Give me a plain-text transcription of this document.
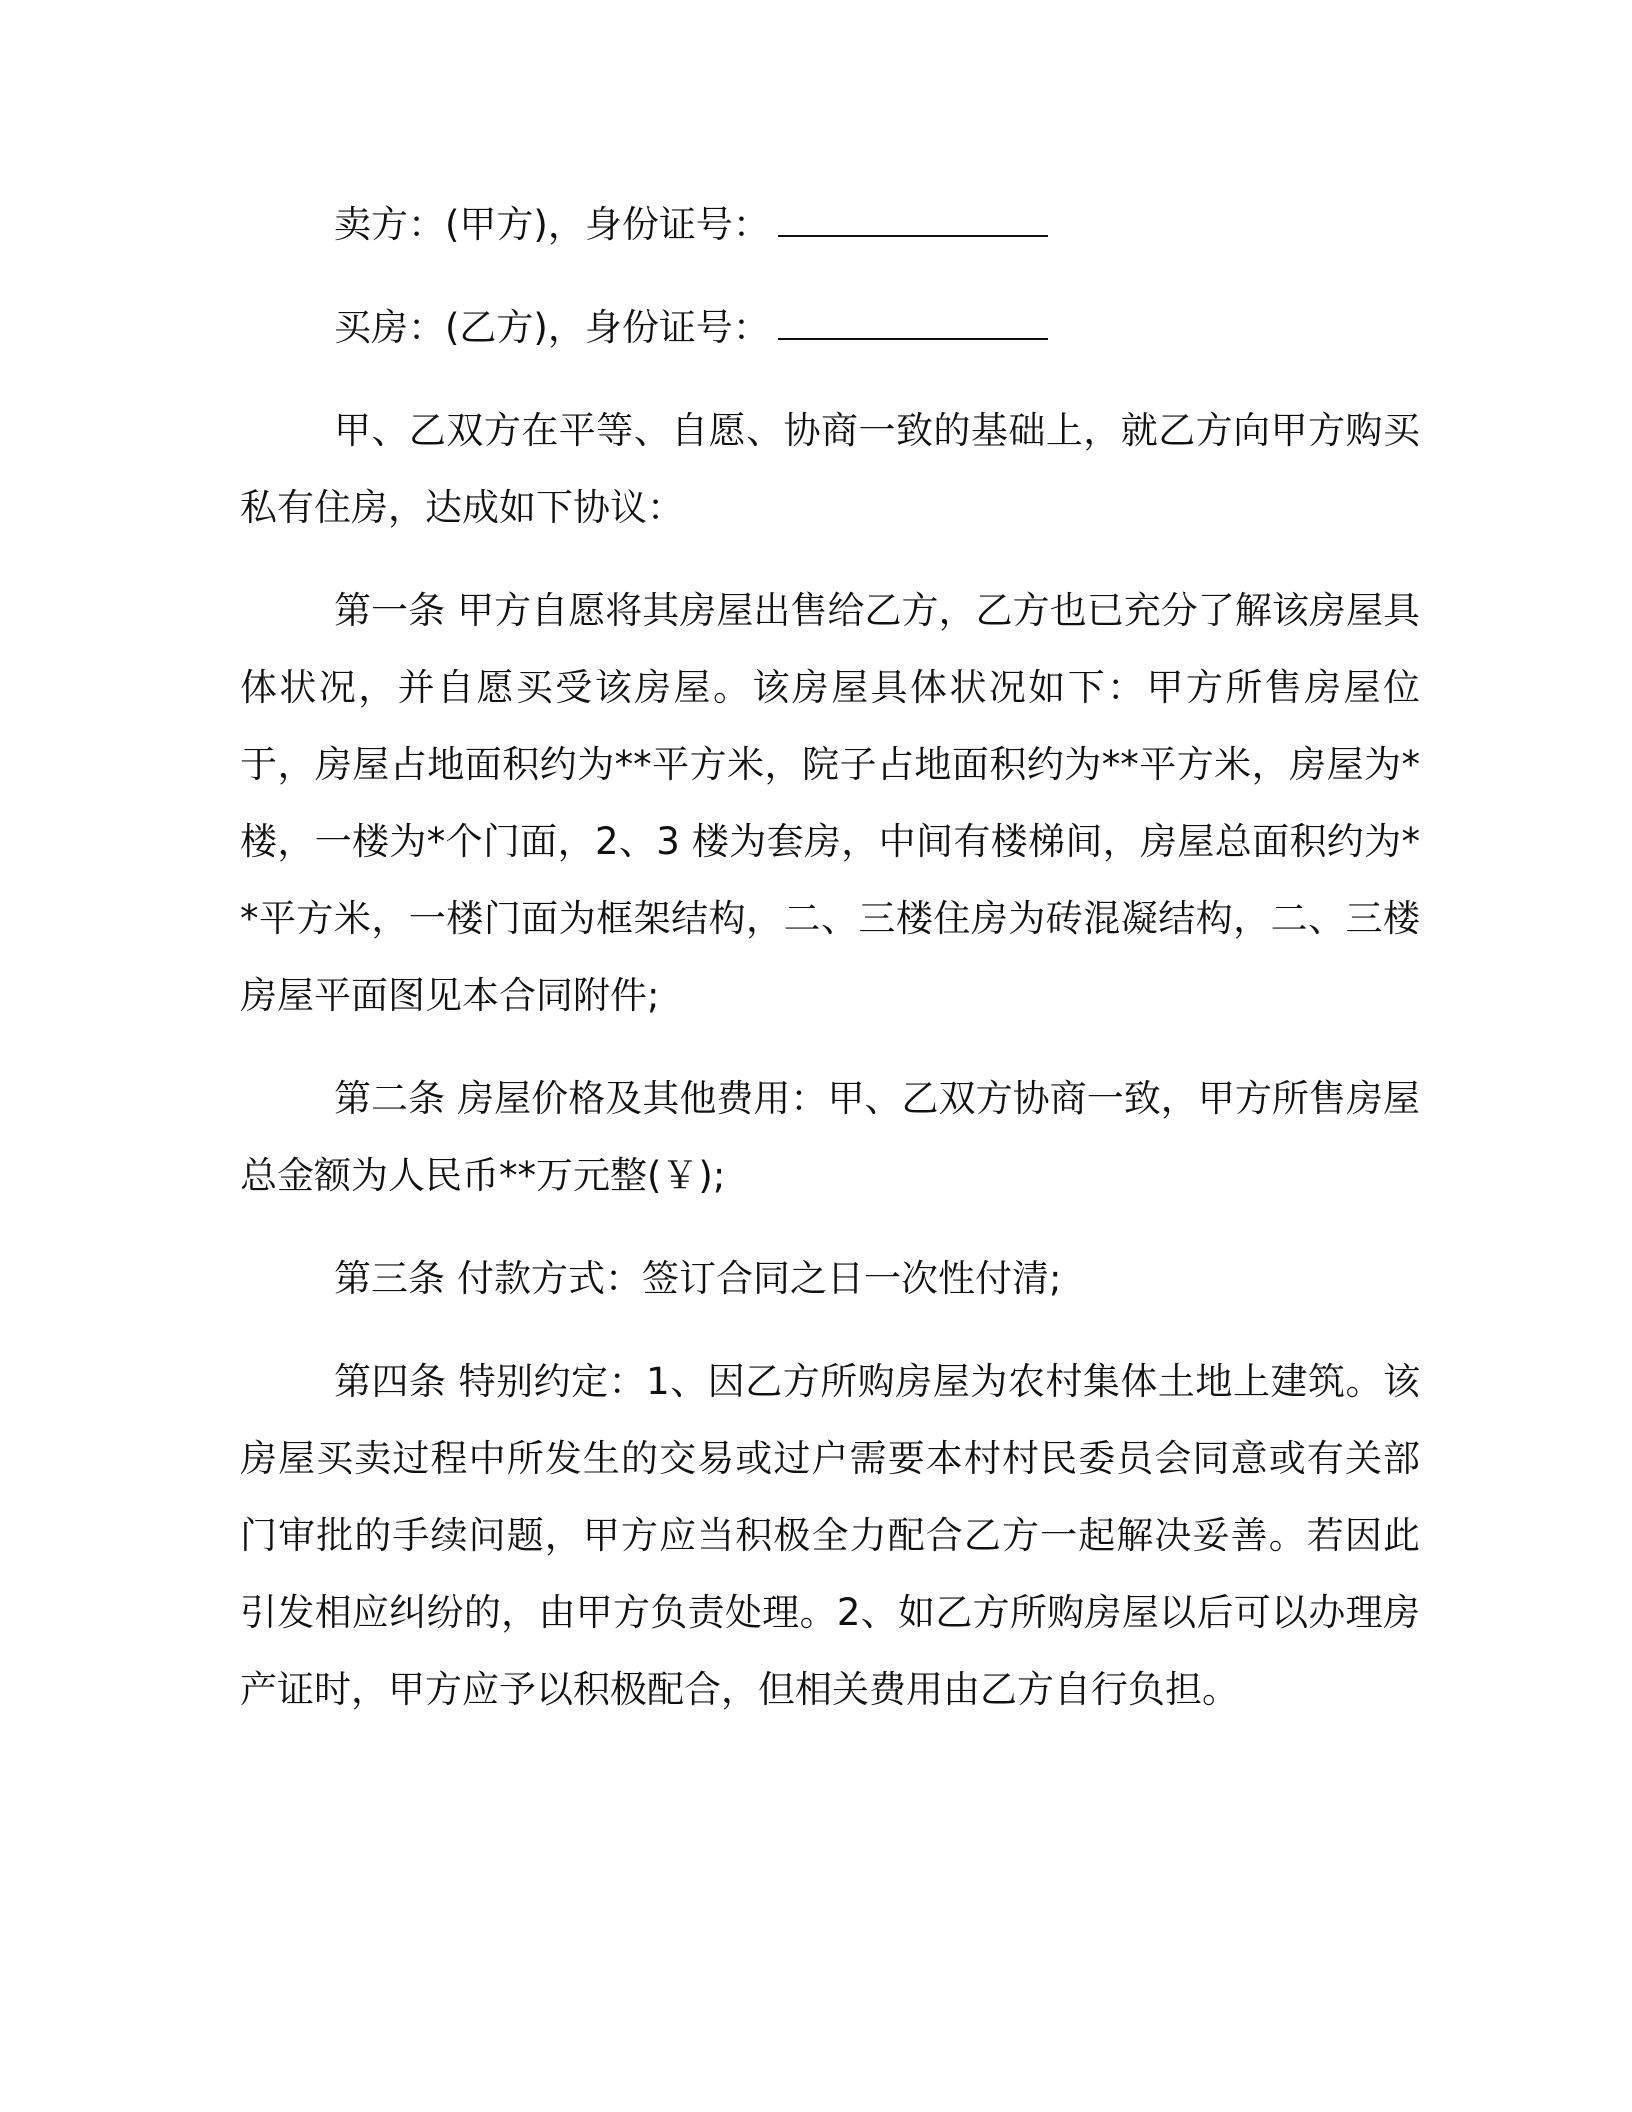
卖方：(甲方)，身份证号：

买房：(乙方)，身份证号：

甲、乙双方在平等、自愿、协商一致的基础上，就乙方向甲方购买私有住房，达成如下协议：

第一条 甲方自愿将其房屋出售给乙方，乙方也已充分了解该房屋具体状况，并自愿买受该房屋。该房屋具体状况如下：甲方所售房屋位于，房屋占地面积约为**平方米，院子占地面积约为**平方米，房屋为*楼，一楼为*个门面，2、3 楼为套房，中间有楼梯间，房屋总面积约为**平方米，一楼门面为框架结构，二、三楼住房为砖混凝结构，二、三楼房屋平面图见本合同附件;

第二条 房屋价格及其他费用：甲、乙双方协商一致，甲方所售房屋总金额为人民币**万元整(￥);

第三条 付款方式：签订合同之日一次性付清;

第四条 特别约定：1、因乙方所购房屋为农村集体土地上建筑。该房屋买卖过程中所发生的交易或过户需要本村村民委员会同意或有关部门审批的手续问题，甲方应当积极全力配合乙方一起解决妥善。若因此引发相应纠纷的，由甲方负责处理。2、如乙方所购房屋以后可以办理房产证时，甲方应予以积极配合，但相关费用由乙方自行负担。
